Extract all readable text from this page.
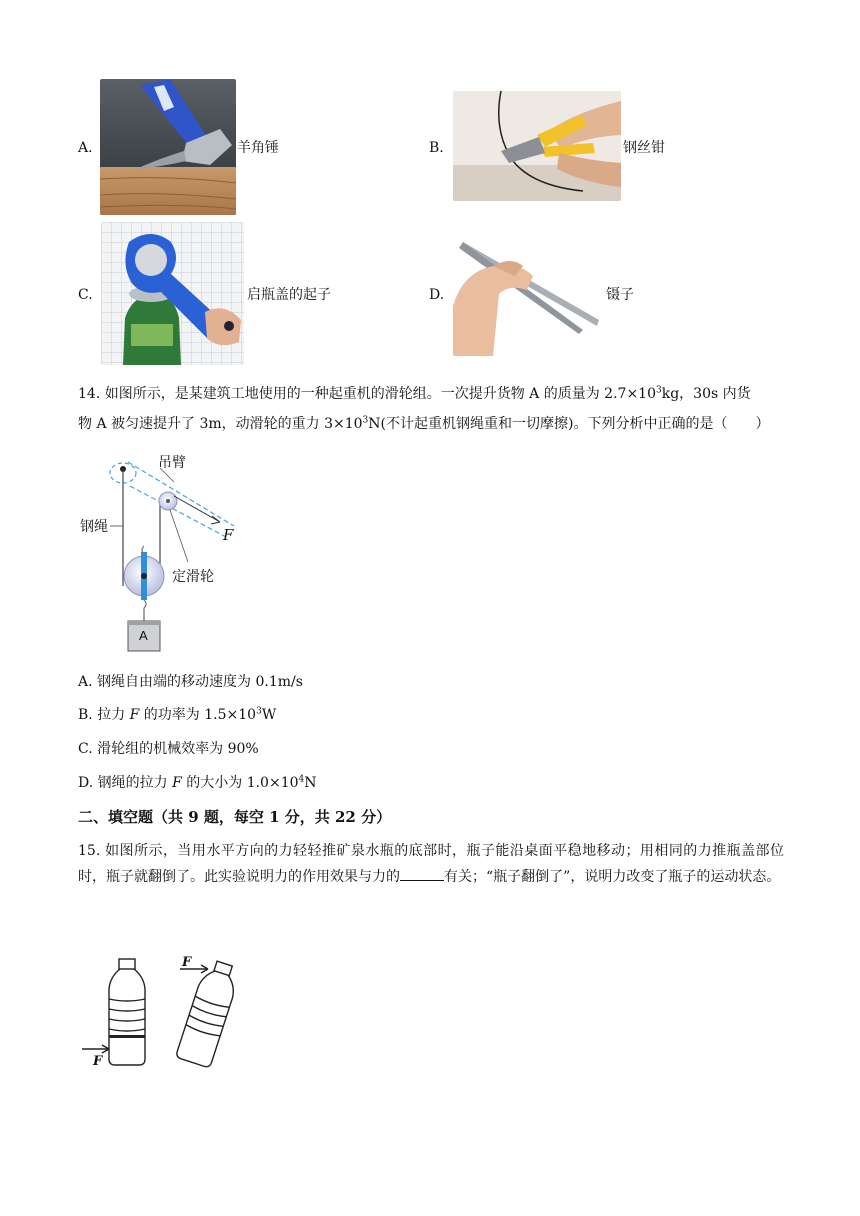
A.	羊角锤	B.	钢丝钳
C.	启瓶盖的起子	D.	镊子
14. 如图所示，是某建筑工地使用的一种起重机的滑轮组。一次提升货物 A 的质量为 $2.7\times 10^3kg$，30s 内货
物 A 被匀速提升了 3m，动滑轮的重力 $3\times 10^3N$(不计起重机钢绳重和一切摩擦)。下列分析中正确的是（　　）
吊臂
钢绳	F
定滑轮
A
A. 钢绳自由端的移动速度为 0.1m/s
B. 拉力 F 的功率为 $1.5\times 10^3W$
C. 滑轮组的机械效率为 90%
D. 钢绳的拉力 F 的大小为 $1.0\times 10^4N$
二、填空题（共 9 题，每空 1 分，共 22 分）
15. 如图所示，当用水平方向的力轻轻推矿泉水瓶的底部时，瓶子能沿桌面平稳地移动；用相同的力推瓶盖部位时，瓶子就翻倒了。此实验说明力的作用效果与力的	有关；“瓶子翻倒了”，说明力改变了瓶子的运动状态。
F
F
